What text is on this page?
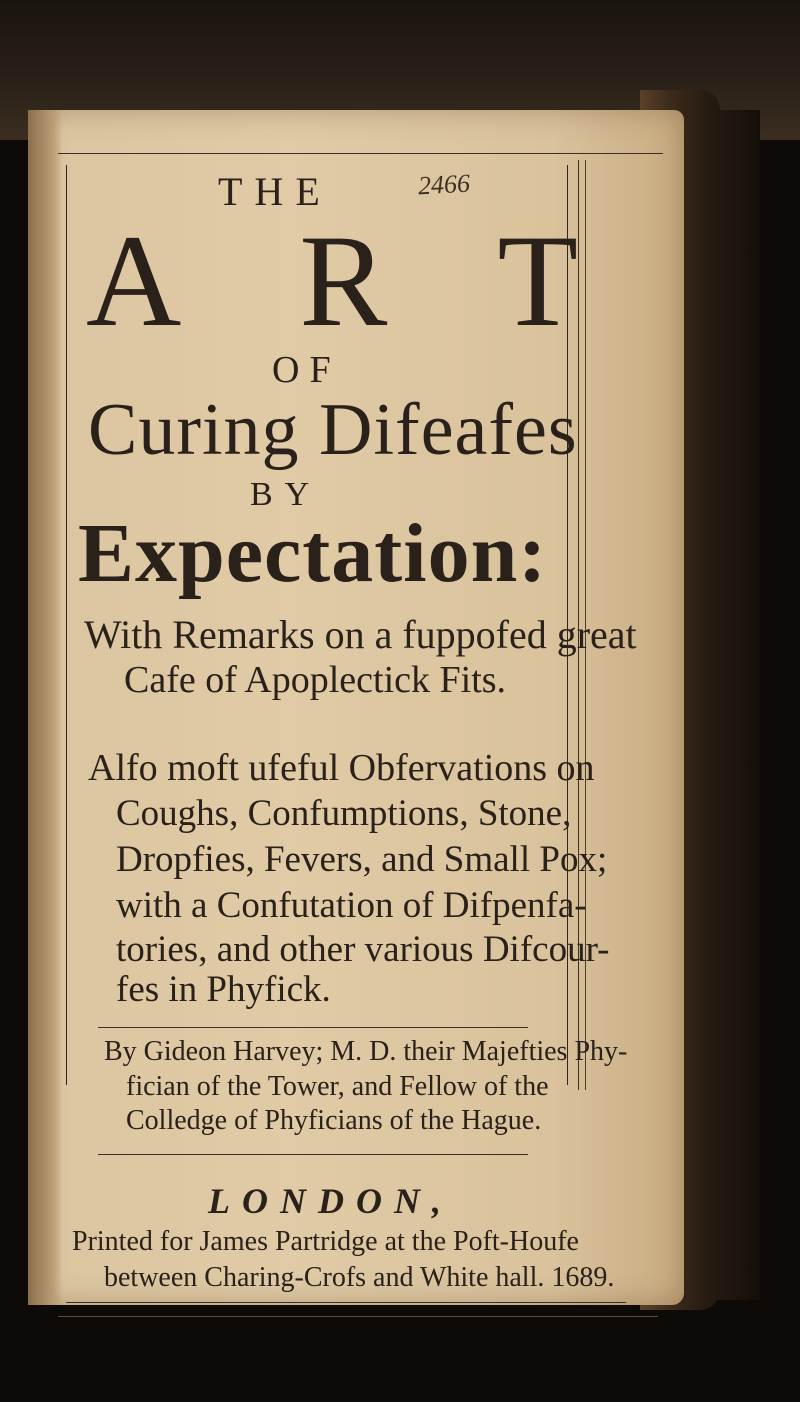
THE	2466
ART
OF
Curing Difeafes
BY
Expectation:
With Remarks on a fuppofed great
Cafe of Apoplectick Fits.
Alfo moft ufeful Obfervations on
Coughs, Confumptions, Stone,
Dropfies, Fevers, and Small Pox;
with a Confutation of Difpenfa-
tories, and other various Difcour-
fes in Phyfick.
By Gideon Harvey; M. D. their Majefties Phy-
fician of the Tower, and Fellow of the
Colledge of Phyficians of the Hague.
LONDON,
Printed for James Partridge at the Poft-Houfe
between Charing-Crofs and White hall. 1689.
